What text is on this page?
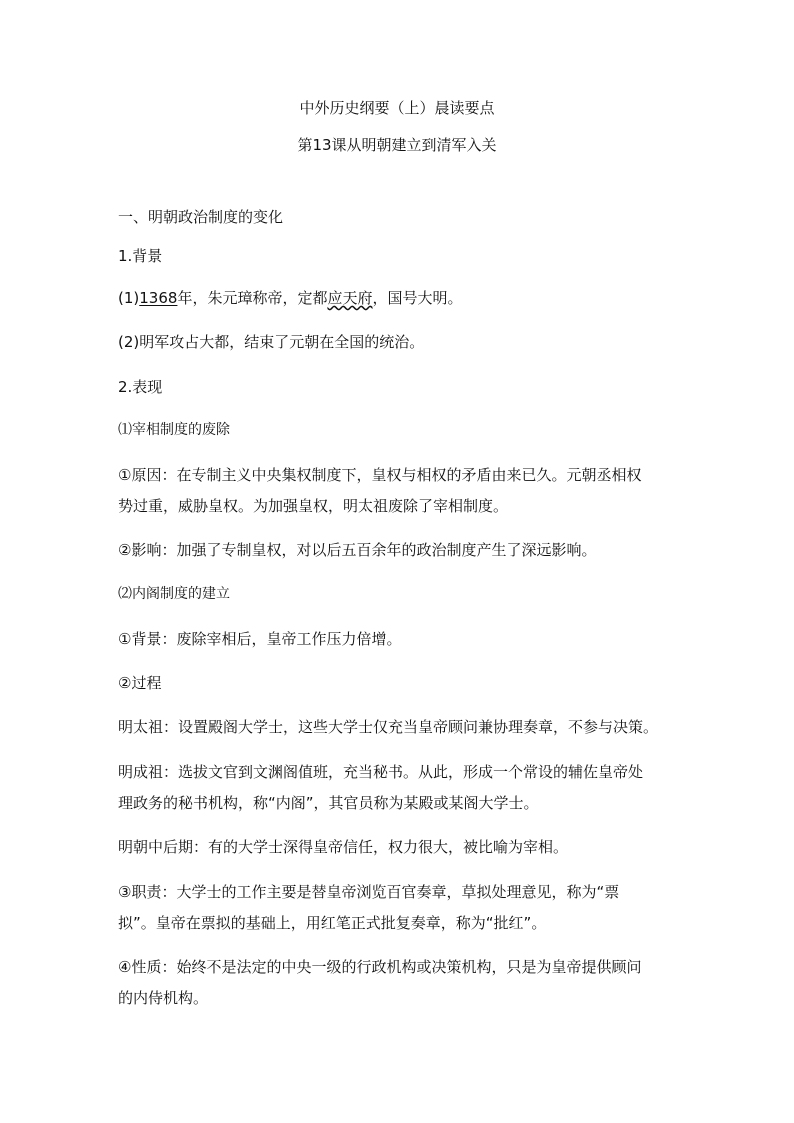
中外历史纲要（上）晨读要点
第13课从明朝建立到清军入关
一、明朝政治制度的变化
1.背景
(1)1368年，朱元璋称帝，定都应天府，国号大明。
(2)明军攻占大都，结束了元朝在全国的统治。
2.表现
⑴宰相制度的废除
①原因：在专制主义中央集权制度下，皇权与相权的矛盾由来已久。元朝丞相权
势过重，威胁皇权。为加强皇权，明太祖废除了宰相制度。
②影响：加强了专制皇权，对以后五百余年的政治制度产生了深远影响。
⑵内阁制度的建立
①背景：废除宰相后，皇帝工作压力倍增。
②过程
明太祖：设置殿阁大学士，这些大学士仅充当皇帝顾问兼协理奏章，不参与决策。
明成祖：选拔文官到文渊阁值班，充当秘书。从此，形成一个常设的辅佐皇帝处
理政务的秘书机构，称“内阁”，其官员称为某殿或某阁大学士。
明朝中后期：有的大学士深得皇帝信任，权力很大，被比喻为宰相。
③职责：大学士的工作主要是替皇帝浏览百官奏章，草拟处理意见，称为“票
拟”。皇帝在票拟的基础上，用红笔正式批复奏章，称为“批红”。
④性质：始终不是法定的中央一级的行政机构或决策机构，只是为皇帝提供顾问
的内侍机构。
